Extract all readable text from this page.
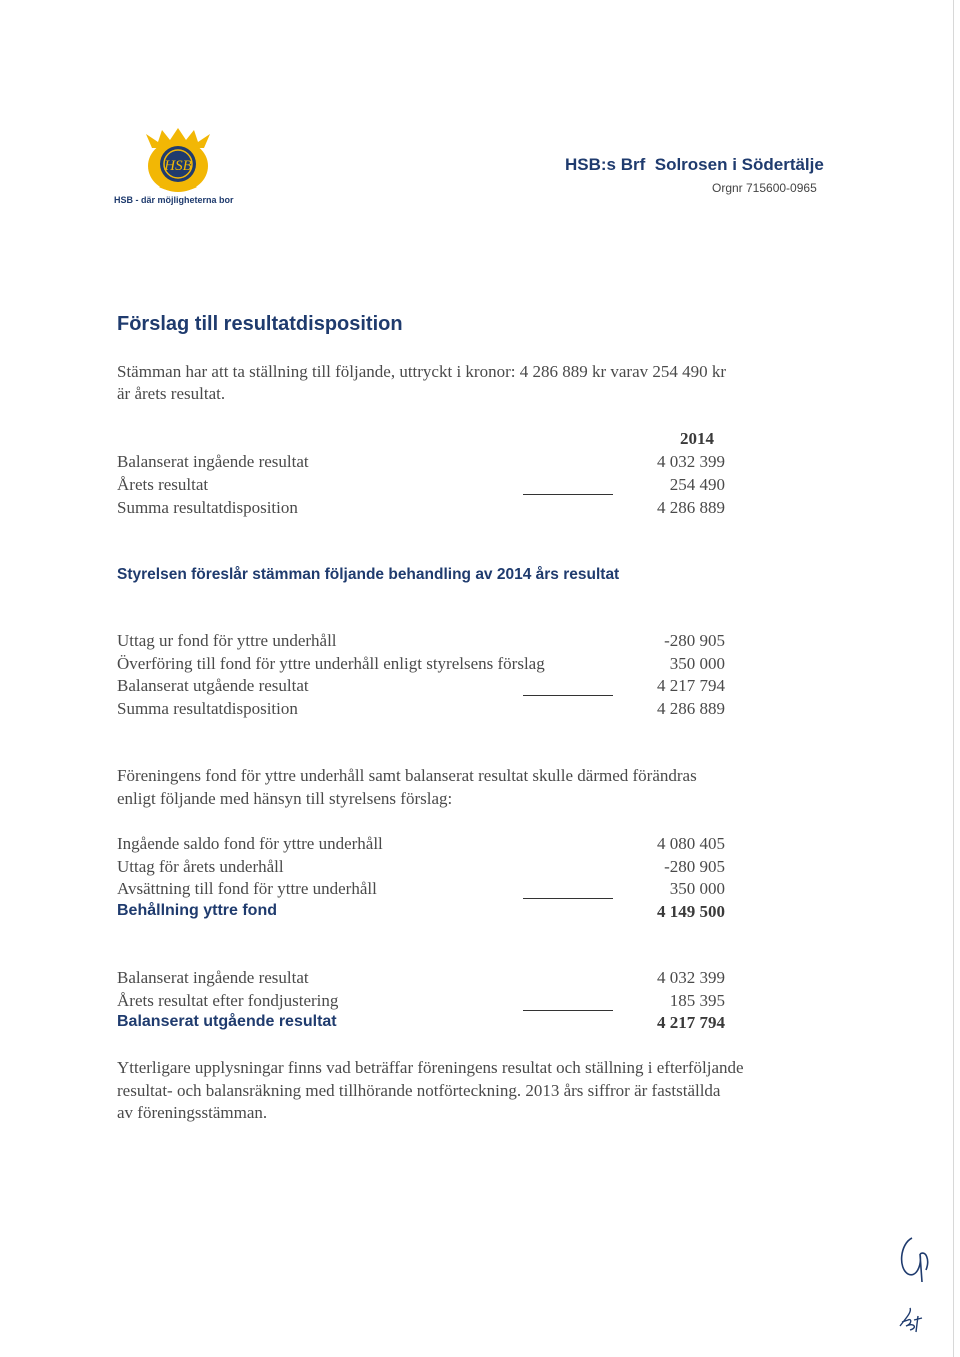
HSB
HSB - där möjligheterna bor
HSB:s Brf  Solrosen i Södertälje
Orgnr 715600-0965
Förslag till resultatdisposition
Stämman har att ta ställning till följande, uttryckt i kronor: 4 286 889 kr varav 254 490 kr
är årets resultat.
2014
Balanserat ingående resultat	4 032 399
Årets resultat	254 490
Summa resultatdisposition	4 286 889
Styrelsen föreslår stämman följande behandling av 2014 års resultat
Uttag ur fond för yttre underhåll	-280 905
Överföring till fond för yttre underhåll enligt styrelsens förslag	350 000
Balanserat utgående resultat	4 217 794
Summa resultatdisposition	4 286 889
Föreningens fond för yttre underhåll samt balanserat resultat skulle därmed förändras
enligt följande med hänsyn till styrelsens förslag:
Ingående saldo fond för yttre underhåll	4 080 405
Uttag för årets underhåll	-280 905
Avsättning till fond för yttre underhåll	350 000
Behållning yttre fond	4 149 500
Balanserat ingående resultat	4 032 399
Årets resultat efter fondjustering	185 395
Balanserat utgående resultat	4 217 794
Ytterligare upplysningar finns vad beträffar föreningens resultat och ställning i efterföljande
resultat- och balansräkning med tillhörande notförteckning. 2013 års siffror är fastställda
av föreningsstämman.
